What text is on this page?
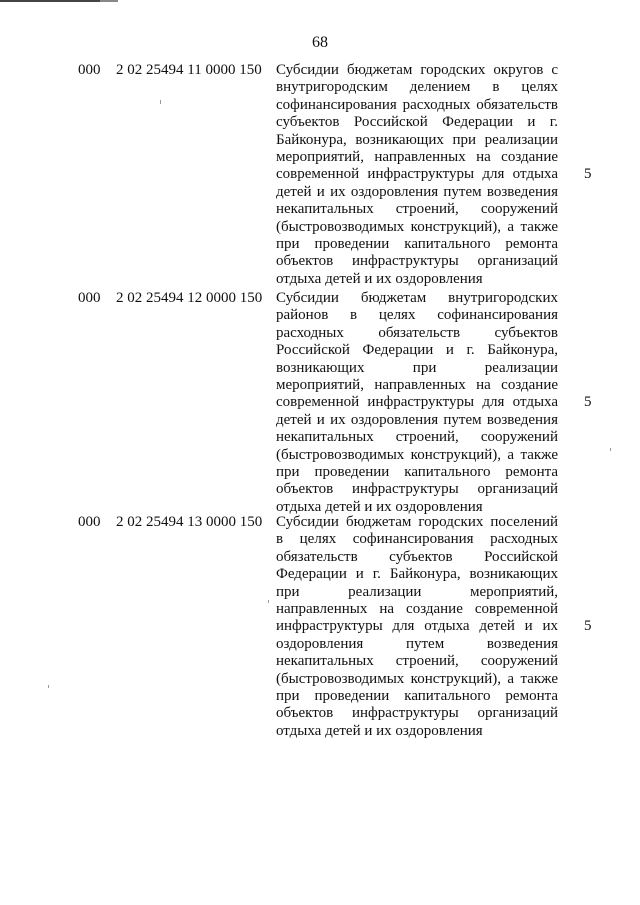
68
000 2 02 25494 11 0000 150 Субсидии бюджетам городских округов с внутригородским делением в целях софинансирования расходных обязательств субъектов Российской Федерации и г. Байконура, возникающих при реализации мероприятий, направленных на создание современной инфраструктуры для отдыха детей и их оздоровления путем возведения некапитальных строений, сооружений (быстровозводимых конструкций), а также при проведении капитального ремонта объектов инфраструктуры организаций отдыха детей и их оздоровления
5
000 2 02 25494 12 0000 150 Субсидии бюджетам внутригородских районов в целях софинансирования расходных обязательств субъектов Российской Федерации и г. Байконура, возникающих при реализации мероприятий, направленных на создание современной инфраструктуры для отдыха детей и их оздоровления путем возведения некапитальных строений, сооружений (быстровозводимых конструкций), а также при проведении капитального ремонта объектов инфраструктуры организаций отдыха детей и их оздоровления
5
000 2 02 25494 13 0000 150 Субсидии бюджетам городских поселений в целях софинансирования расходных обязательств субъектов Российской Федерации и г. Байконура, возникающих при реализации мероприятий, направленных на создание современной инфраструктуры для отдыха детей и их оздоровления путем возведения некапитальных строений, сооружений (быстровозводимых конструкций), а также при проведении капитального ремонта объектов инфраструктуры организаций отдыха детей и их оздоровления
5
